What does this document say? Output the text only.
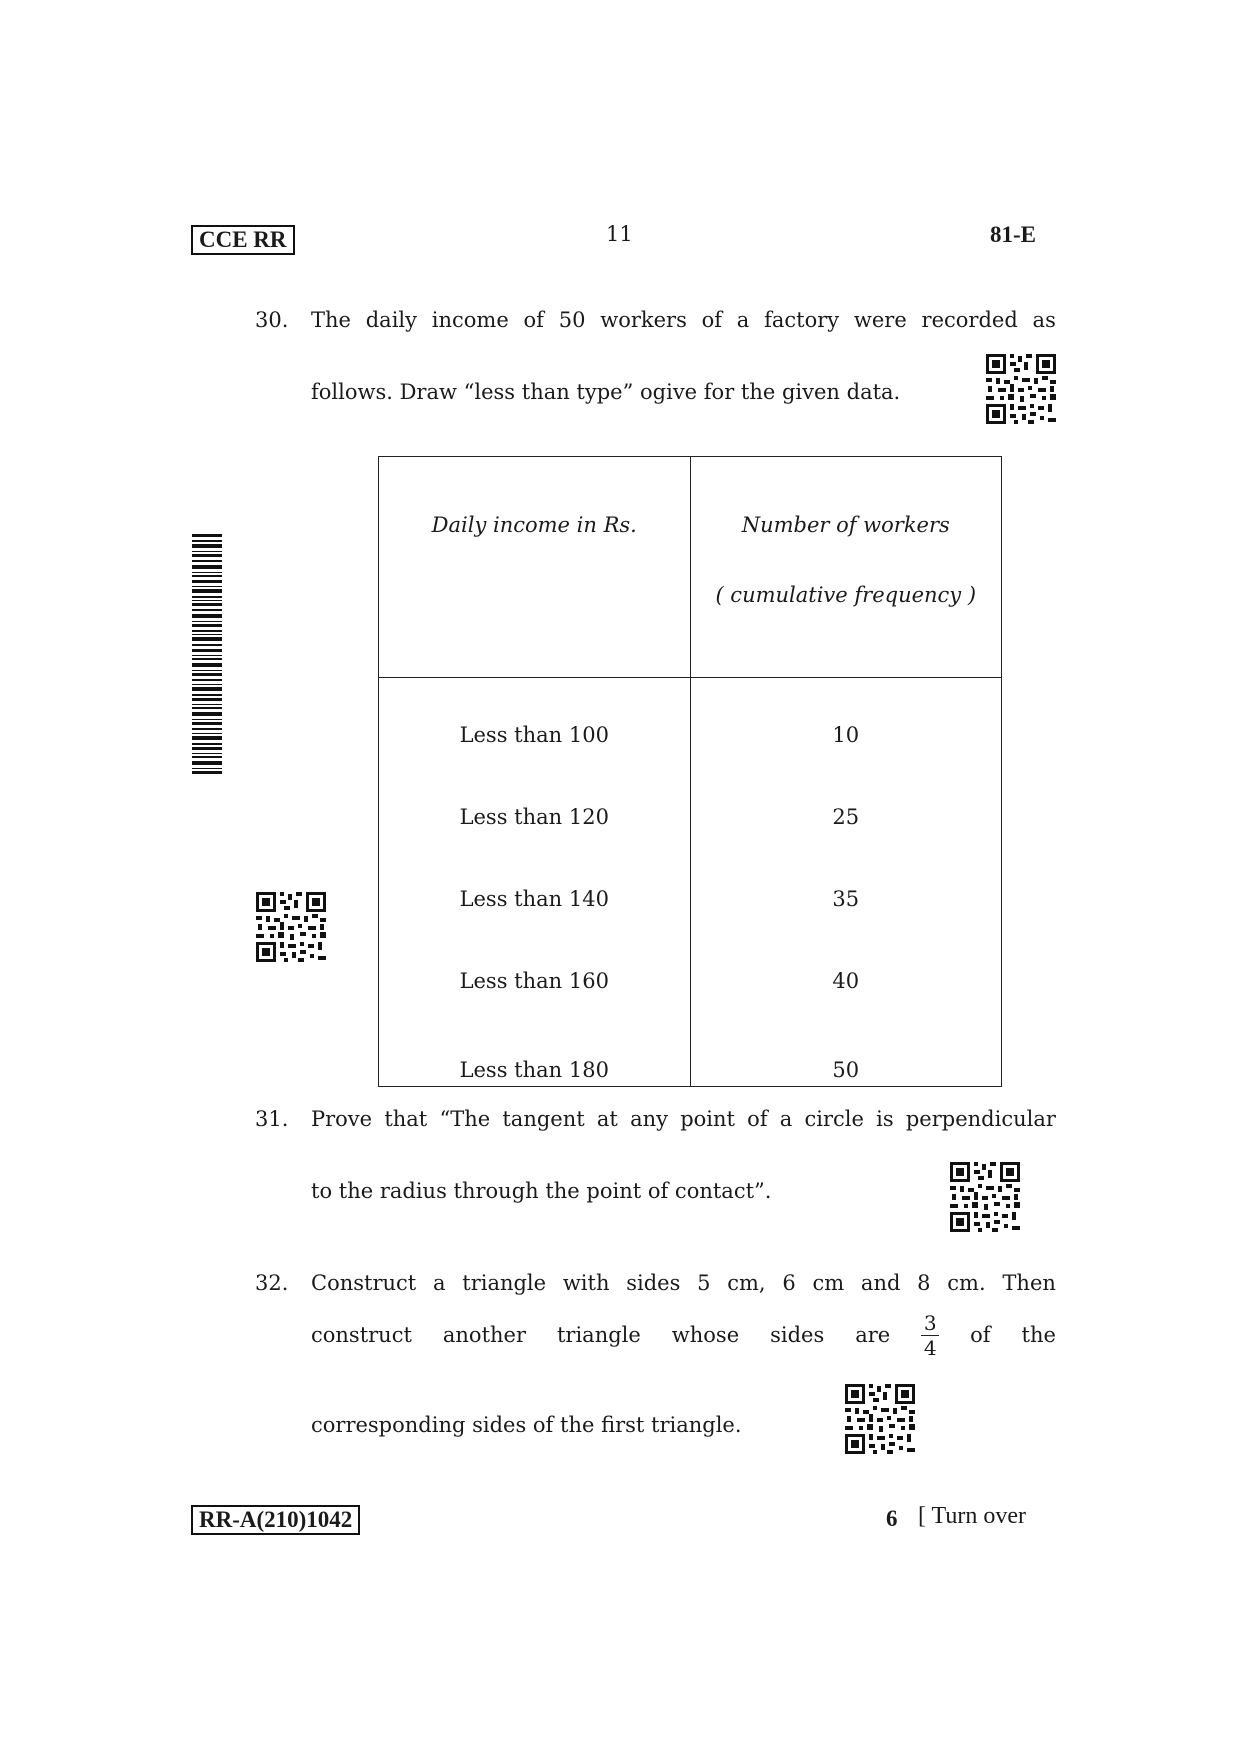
CCE RR	11	81-E
30. The daily income of 50 workers of a factory were recorded as
follows. Draw “less than type” ogive for the given data.
Daily income in Rs.	Number of workers
( cumulative frequency )

Less than 100	10
Less than 120	25
Less than 140	35
Less than 160	40
Less than 180	50
31. Prove that “The tangent at any point of a circle is perpendicular
to the radius through the point of contact”.
32. Construct a triangle with sides 5 cm, 6 cm and 8 cm. Then
construct another triangle whose sides are $\frac{3}{4}$ of the
corresponding sides of the first triangle.
RR-A(210)1042	6 [ Turn over
